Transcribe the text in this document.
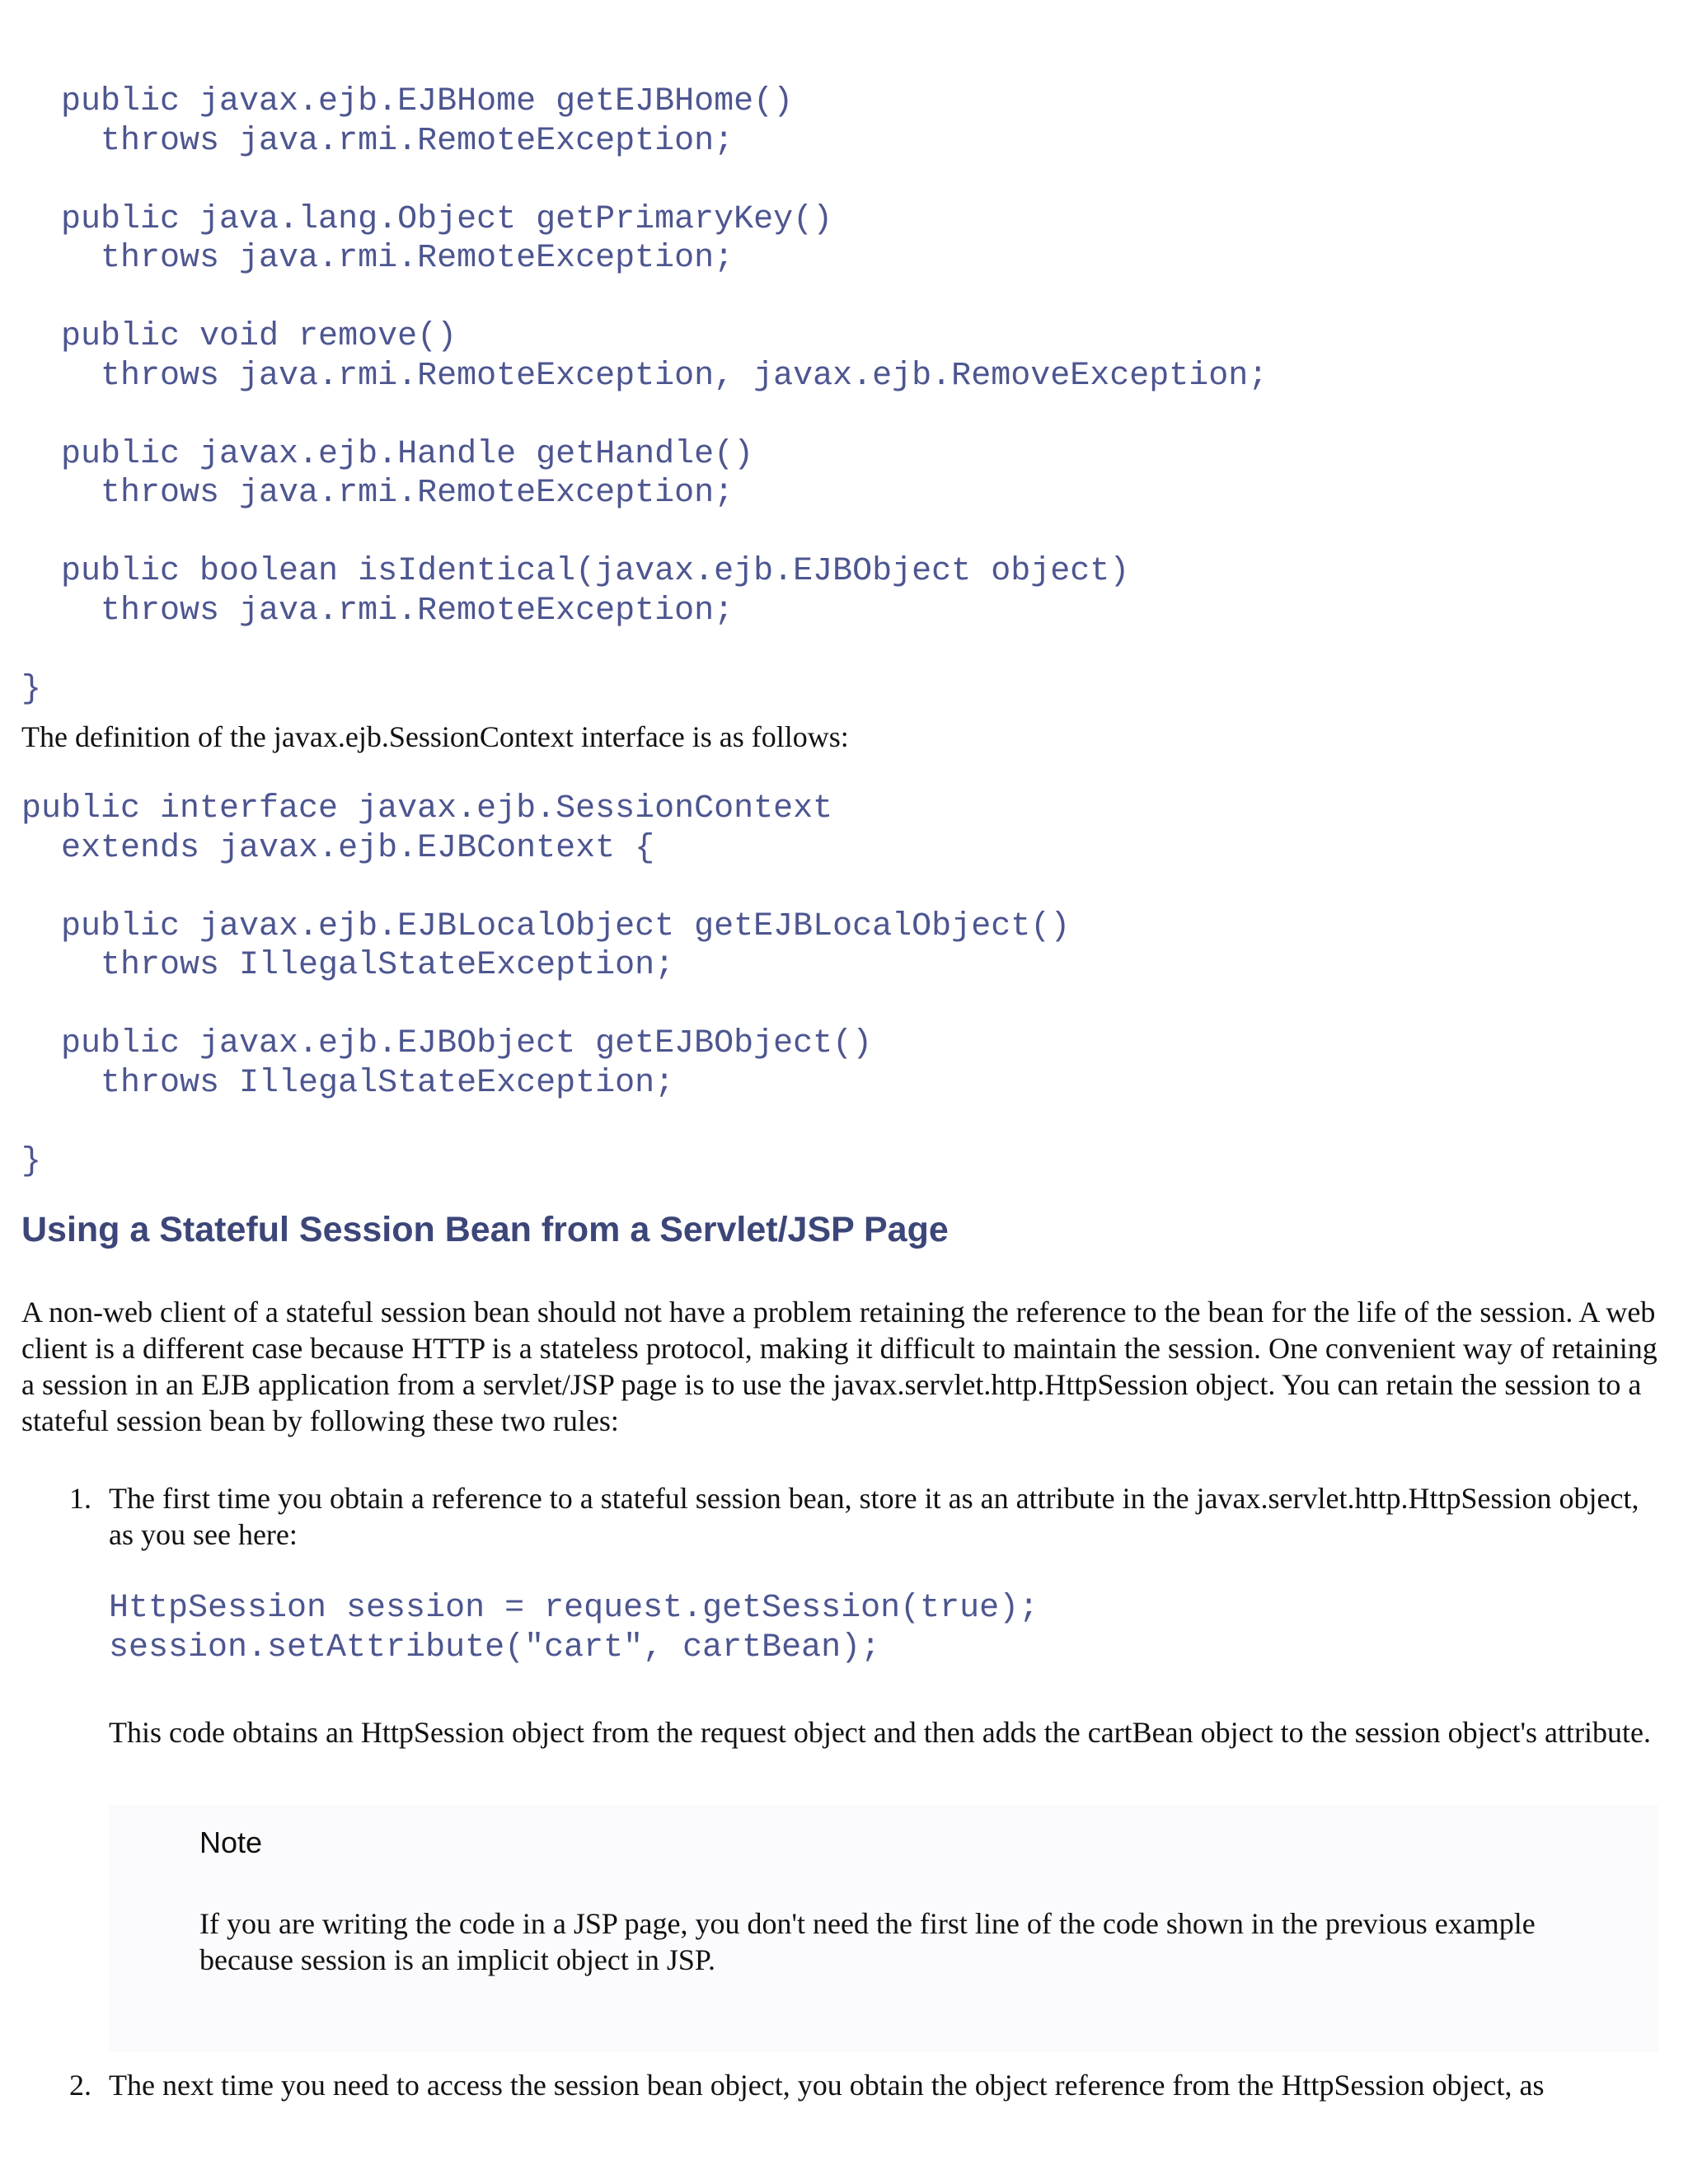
public javax.ejb.EJBHome getEJBHome()
throws java.rmi.RemoteException;

public java.lang.Object getPrimaryKey()
throws java.rmi.RemoteException;

public void remove()
throws java.rmi.RemoteException, javax.ejb.RemoveException;

public javax.ejb.Handle getHandle()
throws java.rmi.RemoteException;

public boolean isIdentical(javax.ejb.EJBObject object)
throws java.rmi.RemoteException;

}

The definition of the javax.ejb.SessionContext interface is as follows:

public interface javax.ejb.SessionContext
extends javax.ejb.EJBContext {

public javax.ejb.EJBLocalObject getEJBLocalObject()
throws IllegalStateException;

public javax.ejb.EJBObject getEJBObject()
throws IllegalStateException;

}
Using a Stateful Session Bean from a Servlet/JSP Page

A non-web client of a stateful session bean should not have a problem retaining the reference to the bean for the life of the session. A web client is a different case because HTTP is a stateless protocol, making it difficult to maintain the session. One convenient way of retaining a session in an EJB application from a servlet/JSP page is to use the javax.servlet.http.HttpSession object. You can retain the session to a stateful session bean by following these two rules:

1. The first time you obtain a reference to a stateful session bean, store it as an attribute in the javax.servlet.http.HttpSession object, as you see here:

HttpSession session = request.getSession(true);
session.setAttribute("cart", cartBean);

This code obtains an HttpSession object from the request object and then adds the cartBean object to the session object's attribute.

Note

If you are writing the code in a JSP page, you don't need the first line of the code shown in the previous example because session is an implicit object in JSP.

2. The next time you need to access the session bean object, you obtain the object reference from the HttpSession object, as
